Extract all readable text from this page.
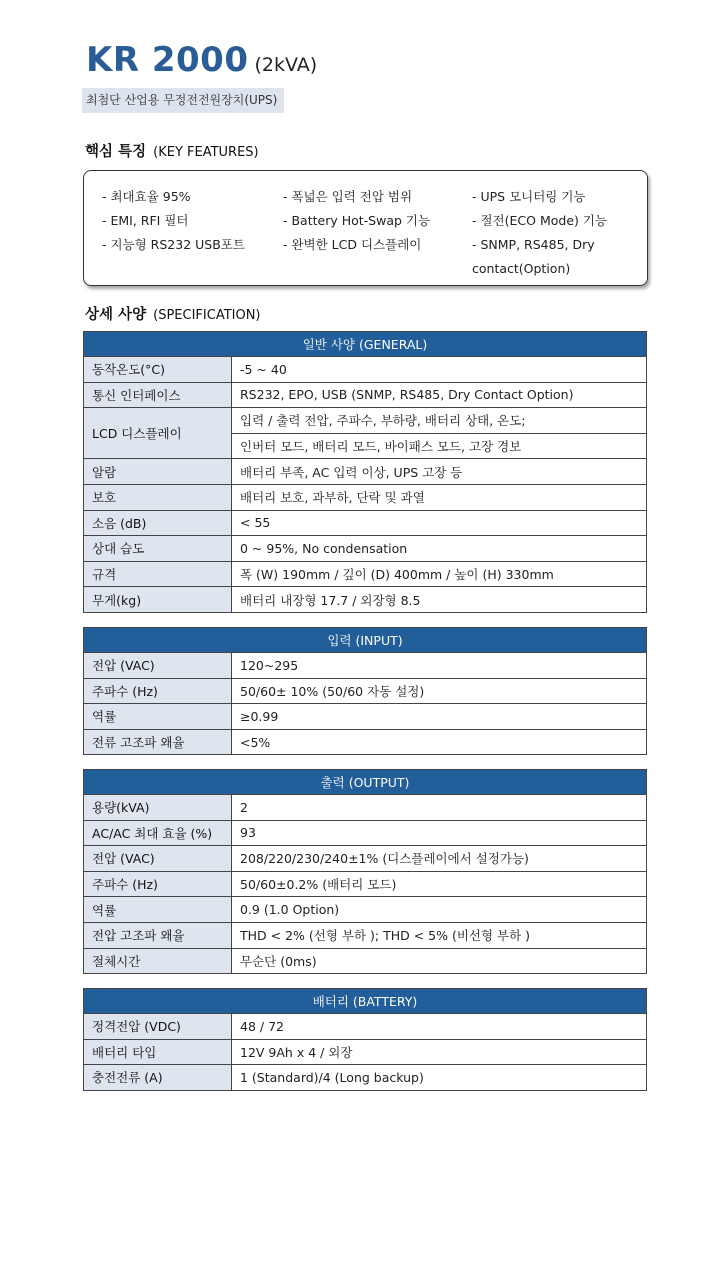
KR 2000 (2kVA)
최첨단 산업용 무정전전원장치(UPS)
핵심 특징 (KEY FEATURES)
- 최대효율 95%
- EMI, RFI 필터
- 지능형 RS232 USB포트
- 폭넓은 입력 전압 범위
- Battery Hot-Swap 기능
- 완벽한 LCD 디스플레이
- UPS 모니터링 기능
- 절전(ECO Mode) 기능
- SNMP, RS485, Dry contact(Option)
상세 사양 (SPECIFICATION)
일반 사양 (GENERAL)	
동작온도(°C)	-5 ~ 40
통신 인터페이스	RS232, EPO, USB (SNMP, RS485, Dry Contact Option)
LCD 디스플레이	입력 / 출력 전압, 주파수, 부하량, 배터리 상태, 온도;
	인버터 모드, 배터리 모드, 바이패스 모드, 고장 경보
알람	배터리 부족, AC 입력 이상, UPS 고장 등
보호	배터리 보호, 과부하, 단락 및 과열
소음 (dB)	< 55
상대 습도	0 ~ 95%, No condensation
규격	폭 (W) 190mm / 깊이 (D) 400mm / 높이 (H) 330mm
무게(kg)	배터리 내장형 17.7 / 외장형 8.5
입력 (INPUT)	
전압 (VAC)	120~295
주파수 (Hz)	50/60± 10% (50/60 자동 설정)
역률	≥0.99
전류 고조파 왜율	<5%
출력 (OUTPUT)	
용량(kVA)	2
AC/AC 최대 효율 (%)	93
전압 (VAC)	208/220/230/240±1% (디스플레이에서 설정가능)
주파수 (Hz)	50/60±0.2% (배터리 모드)
역률	0.9 (1.0 Option)
전압 고조파 왜율	THD < 2% (선형 부하 ); THD < 5% (비선형 부하 )
절체시간	무순단 (0ms)
배터리 (BATTERY)	
정격전압 (VDC)	48 / 72
배터리 타입	12V 9Ah x 4 / 외장
충전전류 (A)	1 (Standard)/4 (Long backup)
